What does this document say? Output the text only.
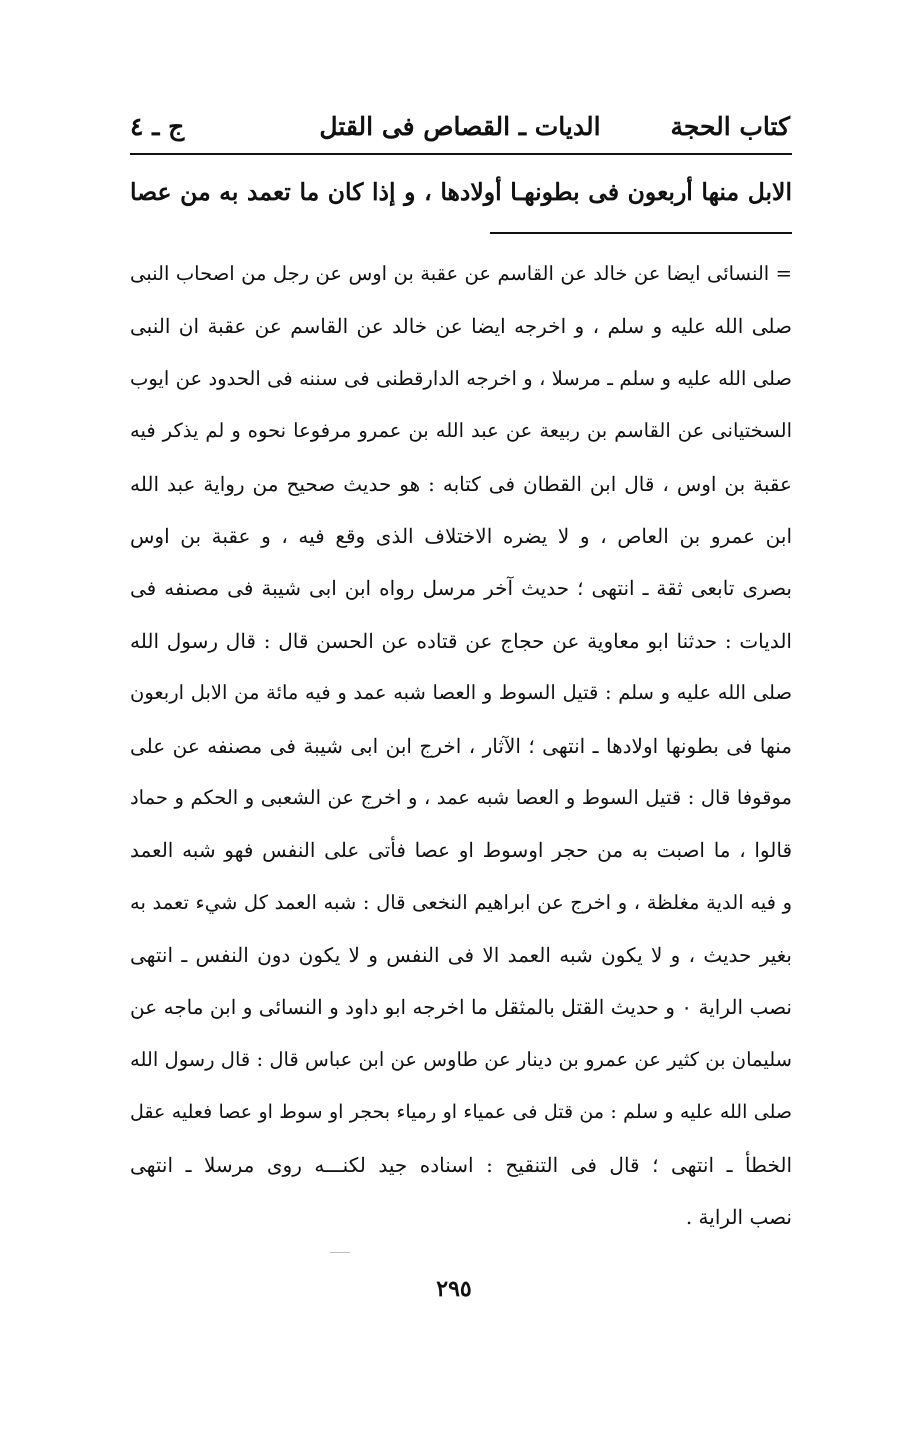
كتاب الحجة
الديات ـ القصاص فى القتل
ج ـ ٤
الابل منها أربعون فى بطونهـا أولادها ، و إذا كان ما تعمد به من عصا
= النسائى ايضا عن خالد عن القاسم عن عقبة بن اوس عن رجل من اصحاب النبى
صلى الله عليه و سلم ، و اخرجه ايضا عن خالد عن القاسم عن عقبة ان النبى
صلى الله عليه و سلم ـ مرسلا ، و اخرجه الدارقطنى فى سننه فى الحدود عن ايوب
السختيانى عن القاسم بن ربيعة عن عبد الله بن عمرو مرفوعا نحوه و لم يذكر فيه
عقبة بن اوس ، قال ابن القطان فى كتابه : هو حديث صحيح من رواية عبد الله
ابن عمرو بن العاص ، و لا يضره الاختلاف الذى وقع فيه ، و عقبة بن اوس
بصرى تابعى ثقة ـ انتهى ؛ حديث آخر مرسل رواه ابن ابى شيبة فى مصنفه فى
الديات : حدثنا ابو معاوية عن حجاج عن قتاده عن الحسن قال : قال رسول الله
صلى الله عليه و سلم : قتيل السوط و العصا شبه عمد و فيه مائة من الابل اربعون
منها فى بطونها اولادها ـ انتهى ؛ الآثار ، اخرج ابن ابى شيبة فى مصنفه عن على
موقوفا قال : قتيل السوط و العصا شبه عمد ، و اخرج عن الشعبى و الحكم و حماد
قالوا ، ما اصبت به من حجر اوسوط او عصا فأتى على النفس فهو شبه العمد
و فيه الدية مغلظة ، و اخرج عن ابراهيم النخعى قال : شبه العمد كل شيء تعمد به
بغير حديث ، و لا يكون شبه العمد الا فى النفس و لا يكون دون النفس ـ انتهى
نصب الراية ٠ و حديث القتل بالمثقل ما اخرجه ابو داود و النسائى و ابن ماجه عن
سليمان بن كثير عن عمرو بن دينار عن طاوس عن ابن عباس قال : قال رسول الله
صلى الله عليه و سلم : من قتل فى عمياء او رمياء بحجر او سوط او عصا فعليه عقل
الخطأ ـ انتهى ؛ قال فى التنقيح : اسناده جيد لكنـــه روى مرسلا ـ انتهى
نصب الراية .
٢٩٥
